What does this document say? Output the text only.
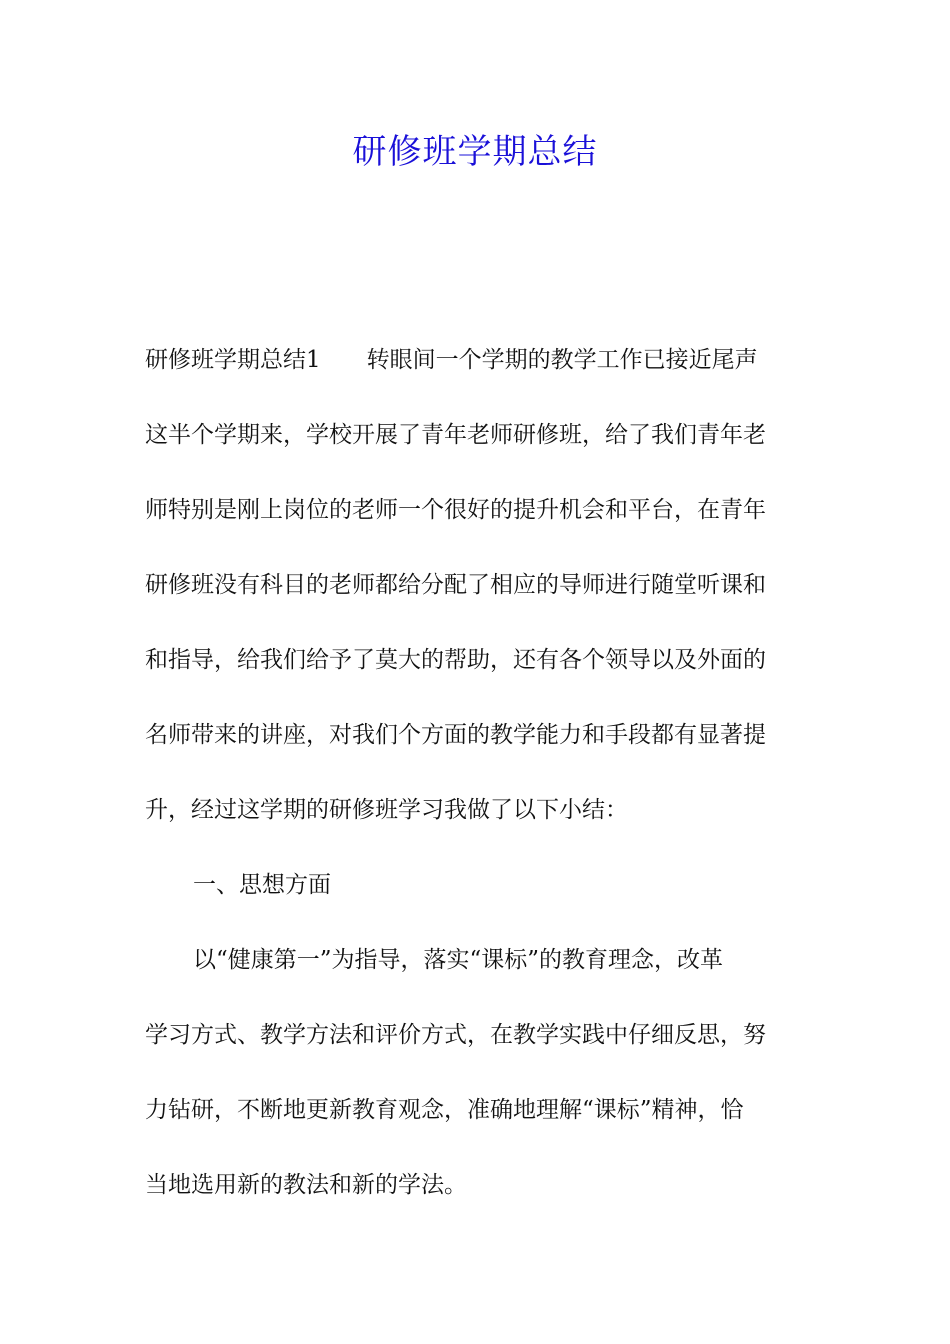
研修班学期总结
研修班学期总结1　　转眼间一个学期的教学工作已接近尾声
这半个学期来，学校开展了青年老师研修班，给了我们青年老
师特别是刚上岗位的老师一个很好的提升机会和平台，在青年
研修班没有科目的老师都给分配了相应的导师进行随堂听课和
和指导，给我们给予了莫大的帮助，还有各个领导以及外面的
名师带来的讲座，对我们个方面的教学能力和手段都有显著提
升，经过这学期的研修班学习我做了以下小结：
一、思想方面
以“健康第一”为指导，落实“课标”的教育理念，改革
学习方式、教学方法和评价方式，在教学实践中仔细反思，努
力钻研，不断地更新教育观念，准确地理解“课标”精神，恰
当地选用新的教法和新的学法。
